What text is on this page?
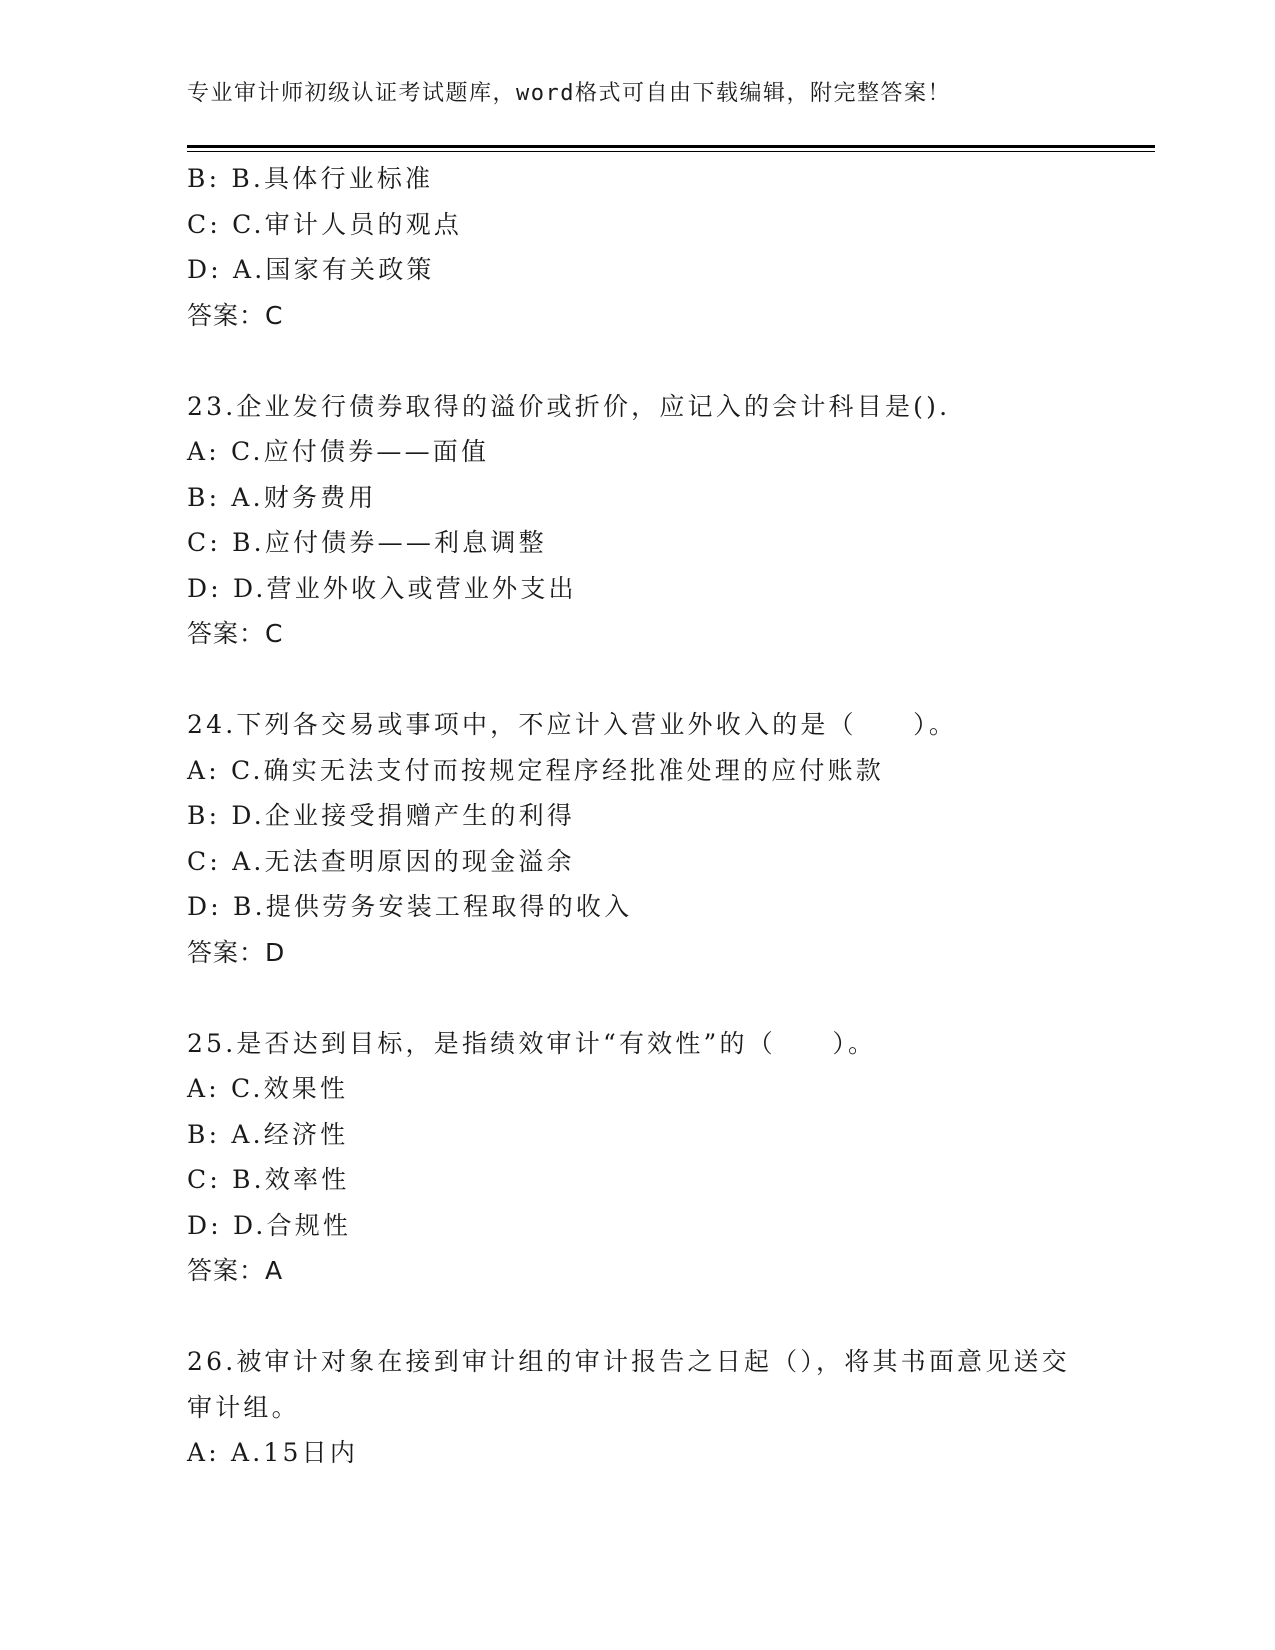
专业审计师初级认证考试题库，word格式可自由下载编辑，附完整答案！
B: B.具体行业标准
C: C.审计人员的观点
D: A.国家有关政策
答案：C
23.企业发行债券取得的溢价或折价，应记入的会计科目是().
A: C.应付债券——面值
B: A.财务费用
C: B.应付债券——利息调整
D: D.营业外收入或营业外支出
答案：C
24.下列各交易或事项中，不应计入营业外收入的是（　　）。
A: C.确实无法支付而按规定程序经批准处理的应付账款
B: D.企业接受捐赠产生的利得
C: A.无法查明原因的现金溢余
D: B.提供劳务安装工程取得的收入
答案：D
25.是否达到目标，是指绩效审计“有效性”的（　　）。
A: C.效果性
B: A.经济性
C: B.效率性
D: D.合规性
答案：A
26.被审计对象在接到审计组的审计报告之日起（），将其书面意见送交审计组。
A: A.15日内
